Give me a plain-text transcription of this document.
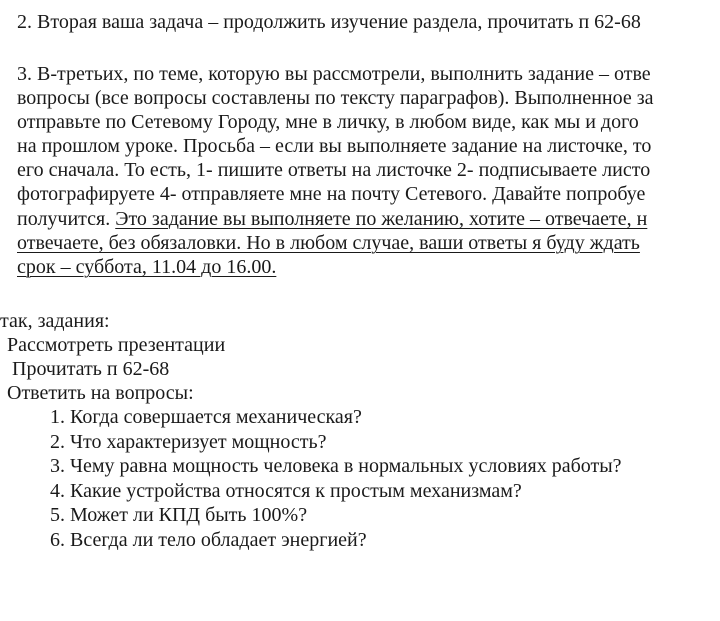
2. Вторая ваша задача – продолжить изучение раздела, прочитать п 62-68

3. В-третьих, по теме, которую вы рассмотрели, выполнить задание – отве

вопросы (все вопросы составлены по тексту параграфов). Выполненное за

отправьте по Сетевому Городу, мне в личку, в любом виде, как мы и дого

на прошлом уроке. Просьба – если вы выполняете задание на листочке, то

его сначала. То есть, 1- пишите ответы на листочке 2- подписываете листо

фотографируете 4- отправляете мне на почту Сетевого. Давайте попробуе

получится. Это задание вы выполняете по желанию, хотите – отвечаете, н

отвечаете, без обязаловки. Но в любом случае, ваши ответы я буду ждать

срок – суббота, 11.04 до 16.00.

так, задания:

Рассмотреть презентации

Прочитать п 62-68

Ответить на вопросы:

1. Когда совершается механическая?

2. Что характеризует мощность?

3. Чему равна мощность человека в нормальных условиях работы?

4. Какие устройства относятся к простым механизмам?

5. Может ли КПД быть 100%?

6. Всегда ли тело обладает энергией?
